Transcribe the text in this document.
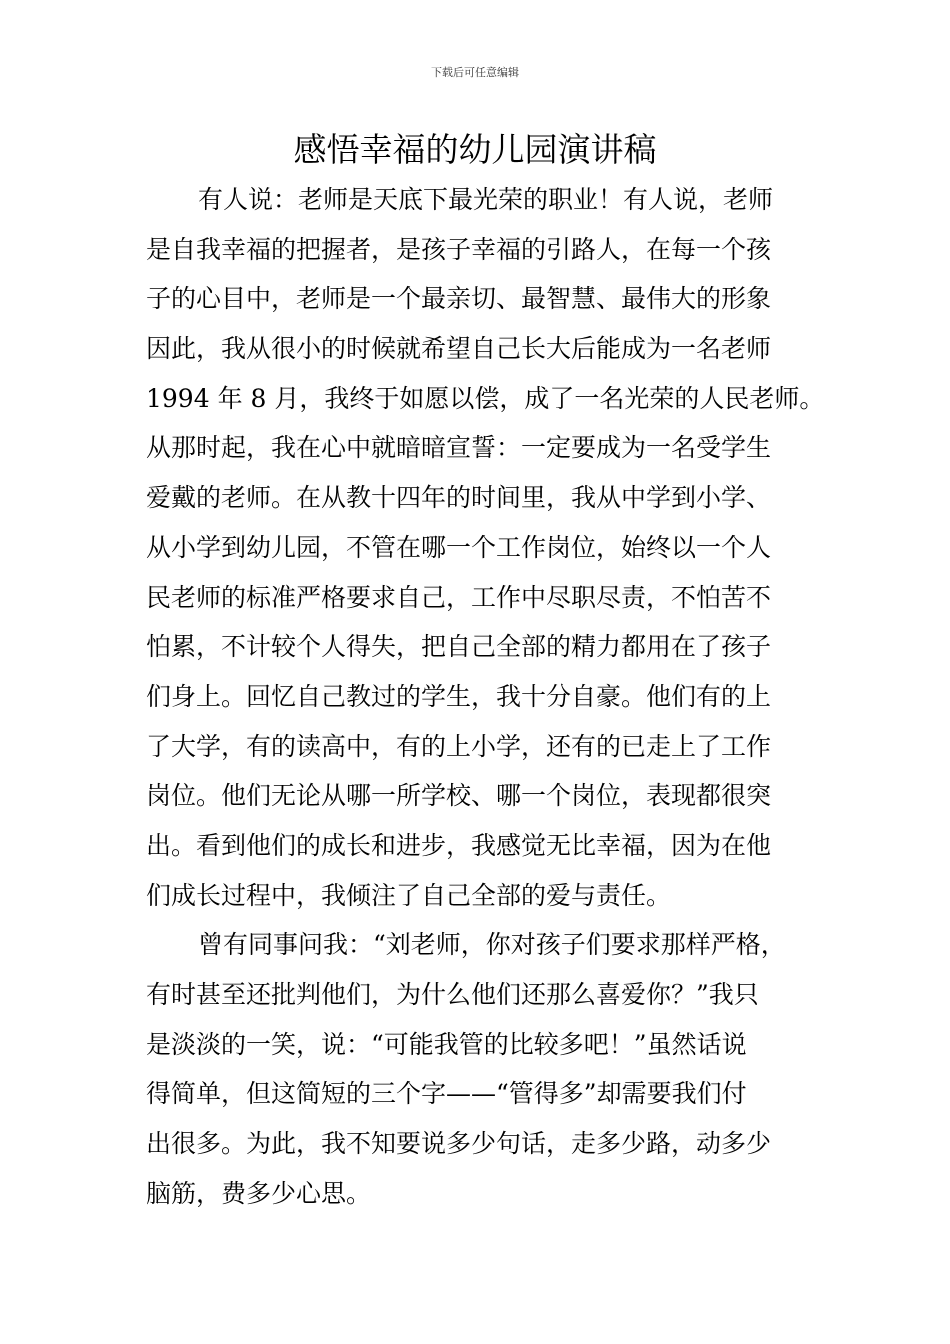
下载后可任意编辑
感悟幸福的幼儿园演讲稿
有人说：老师是天底下最光荣的职业！有人说，老师
是自我幸福的把握者，是孩子幸福的引路人，在每一个孩
子的心目中，老师是一个最亲切、最智慧、最伟大的形象
因此，我从很小的时候就希望自己长大后能成为一名老师
1994 年 8 月，我终于如愿以偿，成了一名光荣的人民老师。
从那时起，我在心中就暗暗宣誓：一定要成为一名受学生
爱戴的老师。在从教十四年的时间里，我从中学到小学、
从小学到幼儿园，不管在哪一个工作岗位，始终以一个人
民老师的标准严格要求自己，工作中尽职尽责，不怕苦不
怕累，不计较个人得失，把自己全部的精力都用在了孩子
们身上。回忆自己教过的学生，我十分自豪。他们有的上
了大学，有的读高中，有的上小学，还有的已走上了工作
岗位。他们无论从哪一所学校、哪一个岗位，表现都很突
出。看到他们的成长和进步，我感觉无比幸福，因为在他
们成长过程中，我倾注了自己全部的爱与责任。
曾有同事问我：“刘老师，你对孩子们要求那样严格，
有时甚至还批判他们，为什么他们还那么喜爱你？”我只
是淡淡的一笑，说：“可能我管的比较多吧！”虽然话说
得简单，但这简短的三个字——“管得多”却需要我们付
出很多。为此，我不知要说多少句话，走多少路，动多少
脑筋，费多少心思。
